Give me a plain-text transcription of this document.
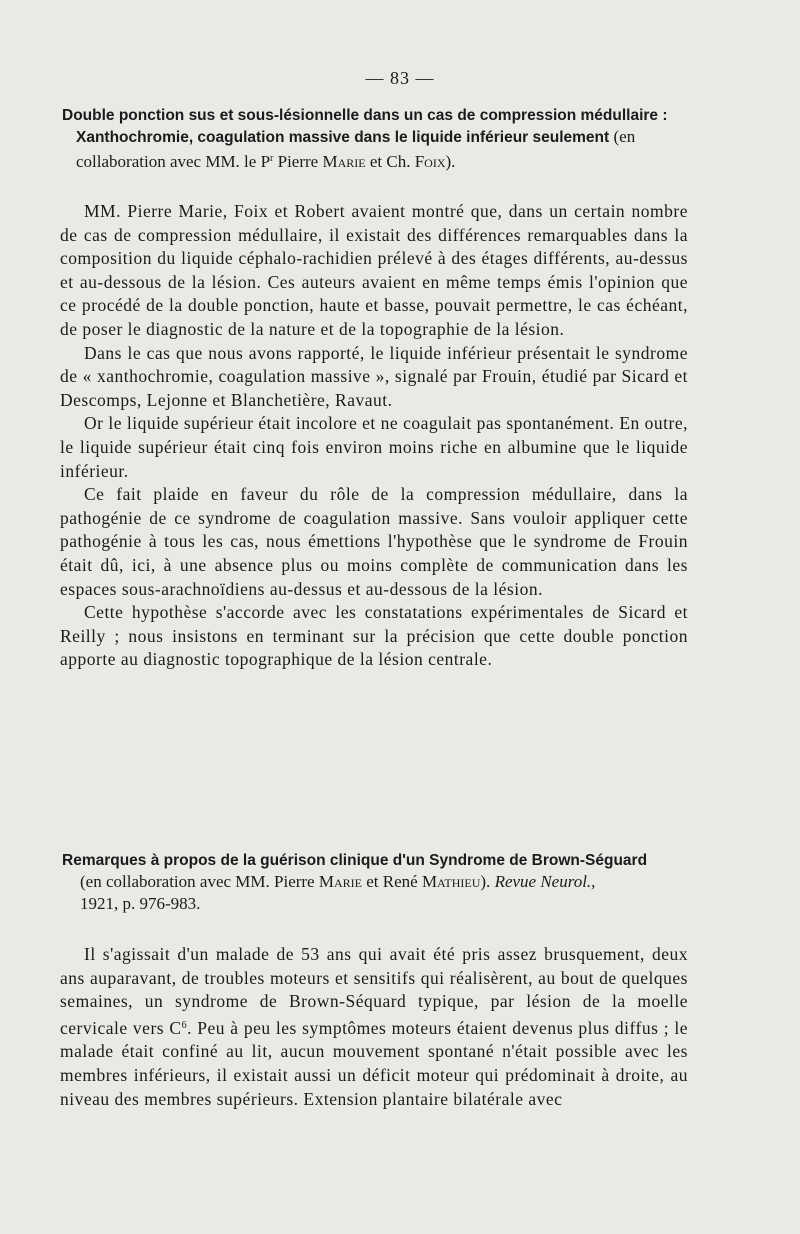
— 83 —
Double ponction sus et sous-lésionnelle dans un cas de compression médullaire :
Xanthochromie, coagulation massive dans le liquide inférieur seulement (en collaboration avec MM. le $P^r$ Pierre Marie et Ch. Foix).

MM. Pierre Marie, Foix et Robert avaient montré que, dans un certain nombre de cas de compression médullaire, il existait des différences remarquables dans la composition du liquide céphalo-rachidien prélevé à des étages différents, au-dessus et au-dessous de la lésion. Ces auteurs avaient en même temps émis l'opinion que ce procédé de la double ponction, haute et basse, pouvait permettre, le cas échéant, de poser le diagnostic de la nature et de la topographie de la lésion.

Dans le cas que nous avons rapporté, le liquide inférieur présentait le syndrome de « xanthochromie, coagulation massive », signalé par Frouin, étudié par Sicard et Descomps, Lejonne et Blanchetière, Ravaut.

Or le liquide supérieur était incolore et ne coagulait pas spontanément. En outre, le liquide supérieur était cinq fois environ moins riche en albumine que le liquide inférieur.

Ce fait plaide en faveur du rôle de la compression médullaire, dans la pathogénie de ce syndrome de coagulation massive. Sans vouloir appliquer cette pathogénie à tous les cas, nous émettions l'hypothèse que le syndrome de Frouin était dû, ici, à une absence plus ou moins complète de communication dans les espaces sous-arachnoïdiens au-dessus et au-dessous de la lésion.

Cette hypothèse s'accorde avec les constatations expérimentales de Sicard et Reilly ; nous insistons en terminant sur la précision que cette double ponction apporte au diagnostic topographique de la lésion centrale.

Remarques à propos de la guérison clinique d'un Syndrome de Brown-Séguard
(en collaboration avec MM. Pierre Marie et René Mathieu). Revue Neurol.,
1921, p. 976-983.

Il s'agissait d'un malade de 53 ans qui avait été pris assez brusquement, deux ans auparavant, de troubles moteurs et sensitifs qui réalisèrent, au bout de quelques semaines, un syndrome de Brown-Séquard typique, par lésion de la moelle cervicale vers $C^6$. Peu à peu les symptômes moteurs étaient devenus plus diffus ; le malade était confiné au lit, aucun mouvement spontané n'était possible avec les membres inférieurs, il existait aussi un déficit moteur qui prédominait à droite, au niveau des membres supérieurs. Extension plantaire bilatérale avec
